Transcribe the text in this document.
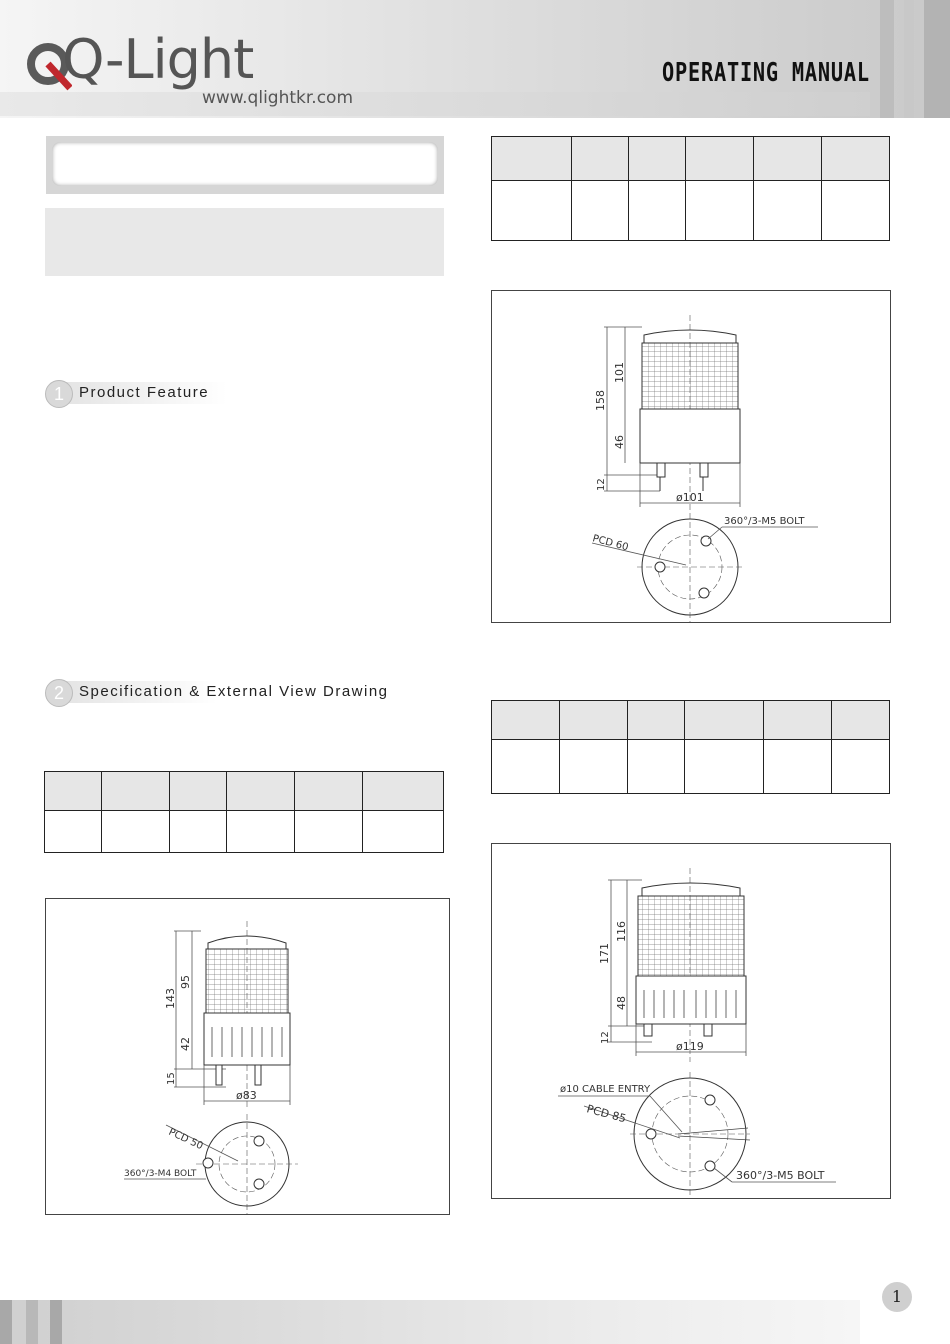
Q-Light
www.qlightkr.com
OPERATING MANUAL
1	Product Feature
2	Specification & External View Drawing

143
95
42
15
ø83
PCD 50
360°/3-M4 BOLT

158
101
46
12
ø101
PCD 60
360°/3-M5 BOLT

171
116
48
12
ø119
ø10 CABLE ENTRY
PCD 85
360°/3-M5 BOLT
1
